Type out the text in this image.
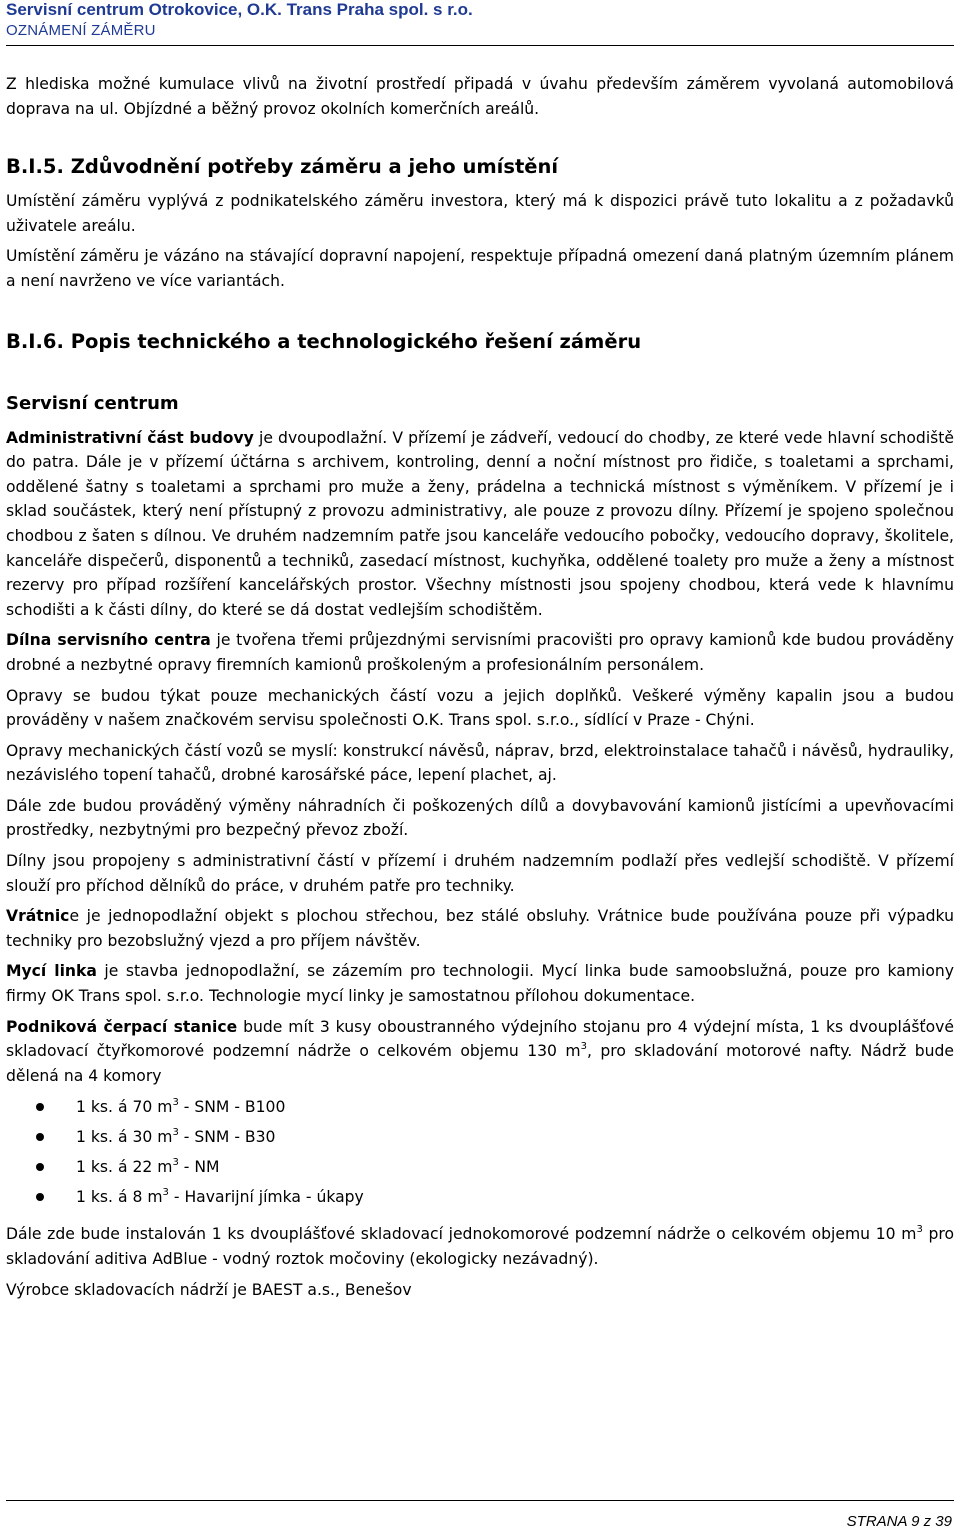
Servisní centrum Otrokovice, O.K. Trans Praha spol. s r.o.
OZNÁMENÍ ZÁMĚRU

Z hlediska možné kumulace vlivů na životní prostředí připadá v úvahu především záměrem vyvolaná automobilová doprava na ul. Objízdné a běžný provoz okolních komerčních areálů.

B.I.5. Zdůvodnění potřeby záměru a jeho umístění

Umístění záměru vyplývá z podnikatelského záměru investora, který má k dispozici právě tuto lokalitu a z požadavků uživatele areálu.

Umístění záměru je vázáno na stávající dopravní napojení, respektuje případná omezení daná platným územním plánem a není navrženo ve více variantách.

B.I.6. Popis technického a technologického řešení záměru
Servisní centrum

Administrativní část budovy je dvoupodlažní. V přízemí je zádveří, vedoucí do chodby, ze které vede hlavní schodiště do patra. Dále je v přízemí účtárna s archivem, kontroling, denní a noční místnost pro řidiče, s toaletami a sprchami, oddělené šatny s toaletami a sprchami pro muže a ženy, prádelna a technická místnost s výměníkem. V přízemí je i sklad součástek, který není přístupný z provozu administrativy, ale pouze z provozu dílny. Přízemí je spojeno společnou chodbou z šaten s dílnou. Ve druhém nadzemním patře jsou kanceláře vedoucího pobočky, vedoucího dopravy, školitele, kanceláře dispečerů, disponentů a techniků, zasedací místnost, kuchyňka, oddělené toalety pro muže a ženy a místnost rezervy pro případ rozšíření kancelářských prostor. Všechny místnosti jsou spojeny chodbou, která vede k hlavnímu schodišti a k části dílny, do které se dá dostat vedlejším schodištěm.

Dílna servisního centra je tvořena třemi průjezdnými servisními pracovišti pro opravy kamionů kde budou prováděny drobné a nezbytné opravy firemních kamionů proškoleným a profesionálním personálem.

Opravy se budou týkat pouze mechanických částí vozu a jejich doplňků. Veškeré výměny kapalin jsou a budou prováděny v našem značkovém servisu společnosti O.K. Trans spol. s.r.o., sídlící v Praze - Chýni.

Opravy mechanických částí vozů se myslí: konstrukcí návěsů, náprav, brzd, elektroinstalace tahačů i návěsů, hydrauliky, nezávislého topení tahačů, drobné karosářské páce, lepení plachet, aj.

Dále zde budou prováděný výměny náhradních či poškozených dílů a dovybavování kamionů jistícími a upevňovacími prostředky, nezbytnými pro bezpečný převoz zboží.

Dílny jsou propojeny s administrativní částí v přízemí i druhém nadzemním podlaží přes vedlejší schodiště. V přízemí slouží pro příchod dělníků do práce, v druhém patře pro techniky.

Vrátnice je jednopodlažní objekt s plochou střechou, bez stálé obsluhy. Vrátnice bude používána pouze při výpadku techniky pro bezobslužný vjezd a pro příjem návštěv.

Mycí linka je stavba jednopodlažní, se zázemím pro technologii. Mycí linka bude samoobslužná, pouze pro kamiony firmy OK Trans spol. s.r.o. Technologie mycí linky je samostatnou přílohou dokumentace.

Podniková čerpací stanice bude mít 3 kusy oboustranného výdejního stojanu pro 4 výdejní místa, 1 ks dvouplášťové skladovací čtyřkomorové podzemní nádrže o celkovém objemu 130 $m^3$, pro skladování motorové nafty. Nádrž bude dělená na 4 komory

1 ks. á 70 $m^3$ - SNM - B100
1 ks. á 30 $m^3$ - SNM - B30
1 ks. á 22 $m^3$ - NM
1 ks. á 8 $m^3$ - Havarijní jímka - úkapy

Dále zde bude instalován 1 ks dvouplášťové skladovací jednokomorové podzemní nádrže o celkovém objemu 10 $m^3$ pro skladování aditiva AdBlue - vodný roztok močoviny (ekologicky nezávadný).

Výrobce skladovacích nádrží je BAEST a.s., Benešov

STRANA 9 z 39
